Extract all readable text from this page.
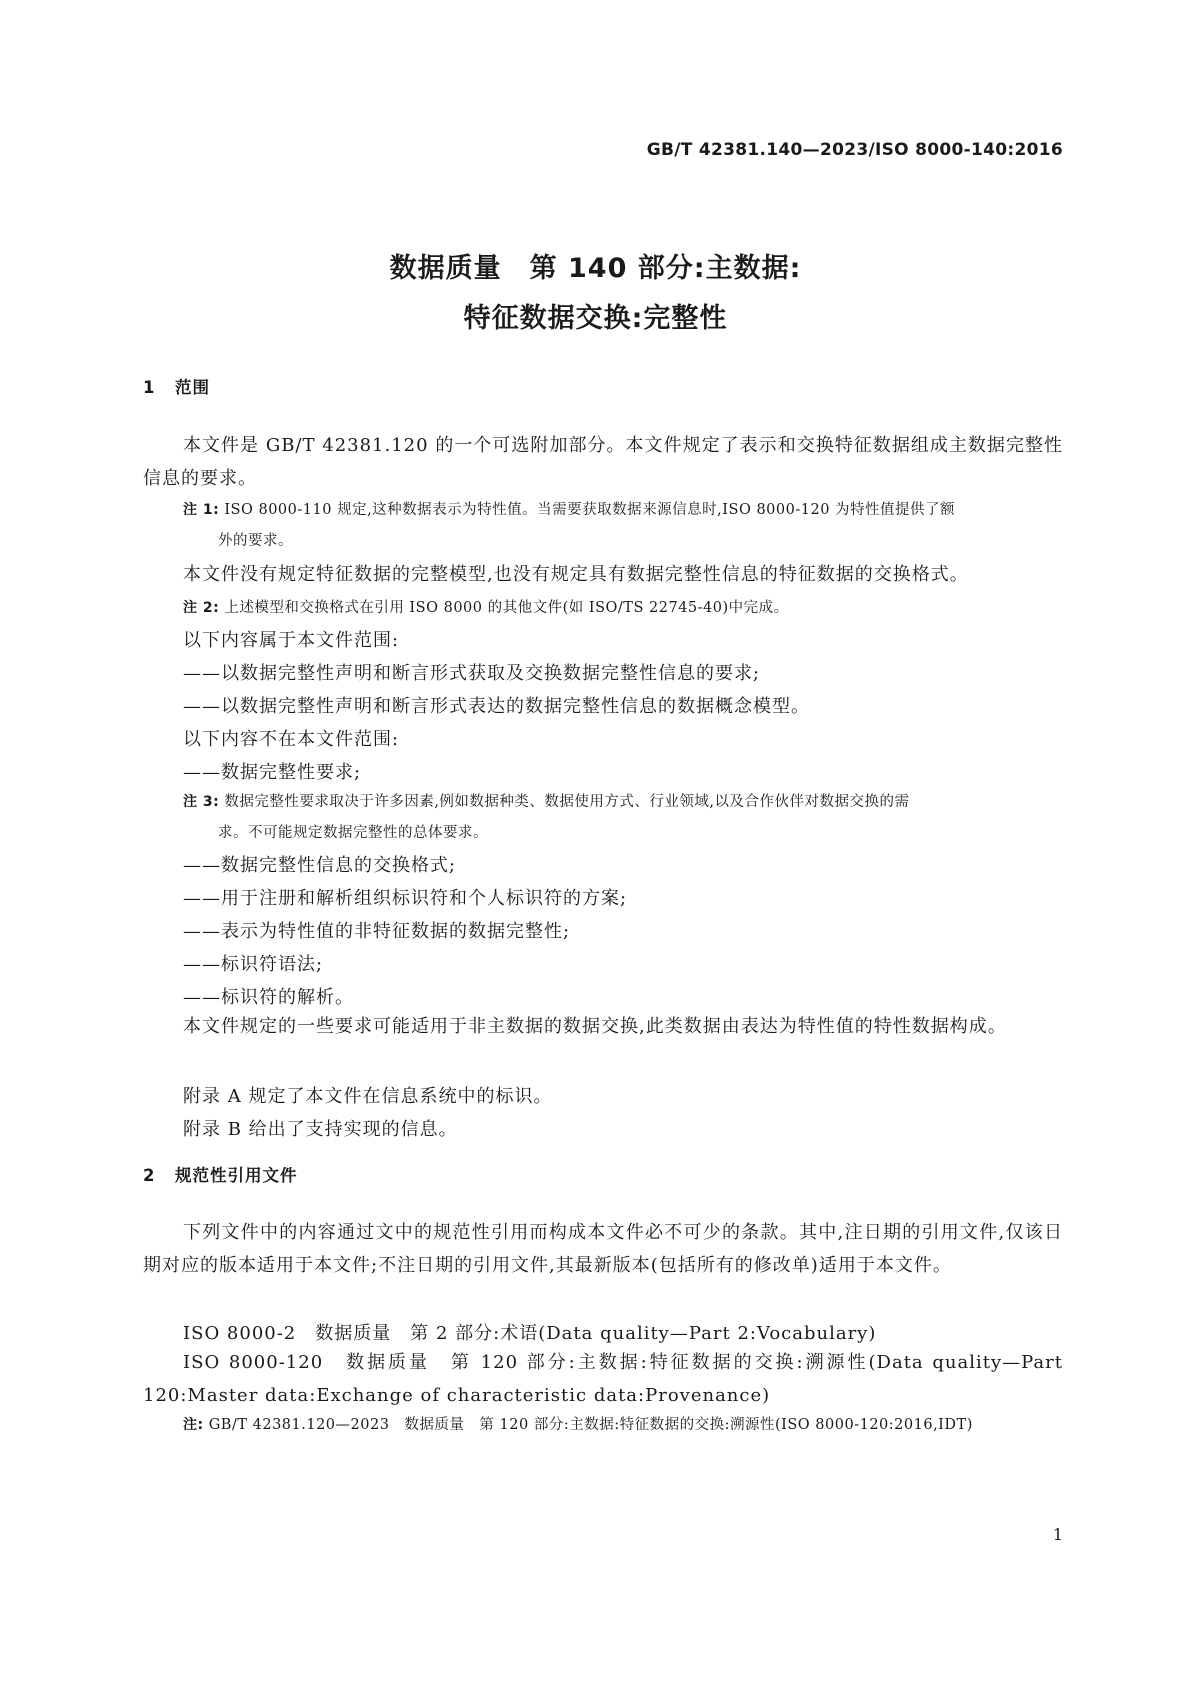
GB/T 42381.140—2023/ISO 8000-140:2016
数据质量　第 140 部分:主数据:
特征数据交换:完整性
1 范围
本文件是 GB/T 42381.120 的一个可选附加部分。本文件规定了表示和交换特征数据组成主数据完整性信息的要求。
注 1: ISO 8000-110 规定,这种数据表示为特性值。当需要获取数据来源信息时,ISO 8000-120 为特性值提供了额
外的要求。
本文件没有规定特征数据的完整模型,也没有规定具有数据完整性信息的特征数据的交换格式。
注 2: 上述模型和交换格式在引用 ISO 8000 的其他文件(如 ISO/TS 22745-40)中完成。
以下内容属于本文件范围:
——以数据完整性声明和断言形式获取及交换数据完整性信息的要求;
——以数据完整性声明和断言形式表达的数据完整性信息的数据概念模型。
以下内容不在本文件范围:
——数据完整性要求;
注 3: 数据完整性要求取决于许多因素,例如数据种类、数据使用方式、行业领域,以及合作伙伴对数据交换的需
求。不可能规定数据完整性的总体要求。
——数据完整性信息的交换格式;
——用于注册和解析组织标识符和个人标识符的方案;
——表示为特性值的非特征数据的数据完整性;
——标识符语法;
——标识符的解析。
本文件规定的一些要求可能适用于非主数据的数据交换,此类数据由表达为特性值的特性数据构成。
附录 A 规定了本文件在信息系统中的标识。
附录 B 给出了支持实现的信息。
2 规范性引用文件
下列文件中的内容通过文中的规范性引用而构成本文件必不可少的条款。其中,注日期的引用文件,仅该日期对应的版本适用于本文件;不注日期的引用文件,其最新版本(包括所有的修改单)适用于本文件。
ISO 8000-2　数据质量　第 2 部分:术语(Data quality—Part 2:Vocabulary)
ISO 8000-120　数据质量　第 120 部分:主数据:特征数据的交换:溯源性(Data quality—Part 120:Master data:Exchange of characteristic data:Provenance)
注: GB/T 42381.120—2023　数据质量　第 120 部分:主数据:特征数据的交换:溯源性(ISO 8000-120:2016,IDT)
1
